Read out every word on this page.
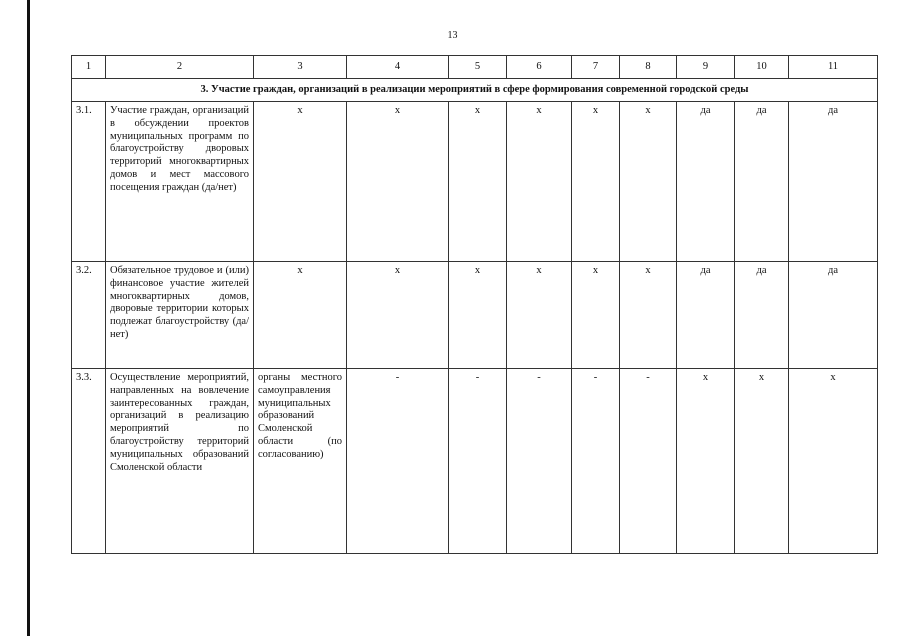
13
1	2	3	4	5	6	7	8	9	10	11
3. Участие граждан, организаций в реализации мероприятий в сфере формирования современной городской среды										
3.1.	Участие граждан, организаций в обсуждении проектов муниципальных программ по благоустройству дворовых территорий многоквартирных домов и мест массового посещения граждан (да/нет)	х	х	х	х	х	х	да	да	да
3.2.	Обязательное трудовое и (или) финансовое участие жителей многоквартирных домов, дворовые территории которых подлежат благоустройству (да/нет)	х	х	х	х	х	х	да	да	да
3.3.	Осуществление мероприятий, направленных на вовлечение заинтересованных граждан, организаций в реализацию мероприятий по благоустройству территорий муниципальных образований Смоленской области	органы местного самоуправления муниципальных образований Смоленской области (по согласованию)	-	-	-	-	-	х	х	х
